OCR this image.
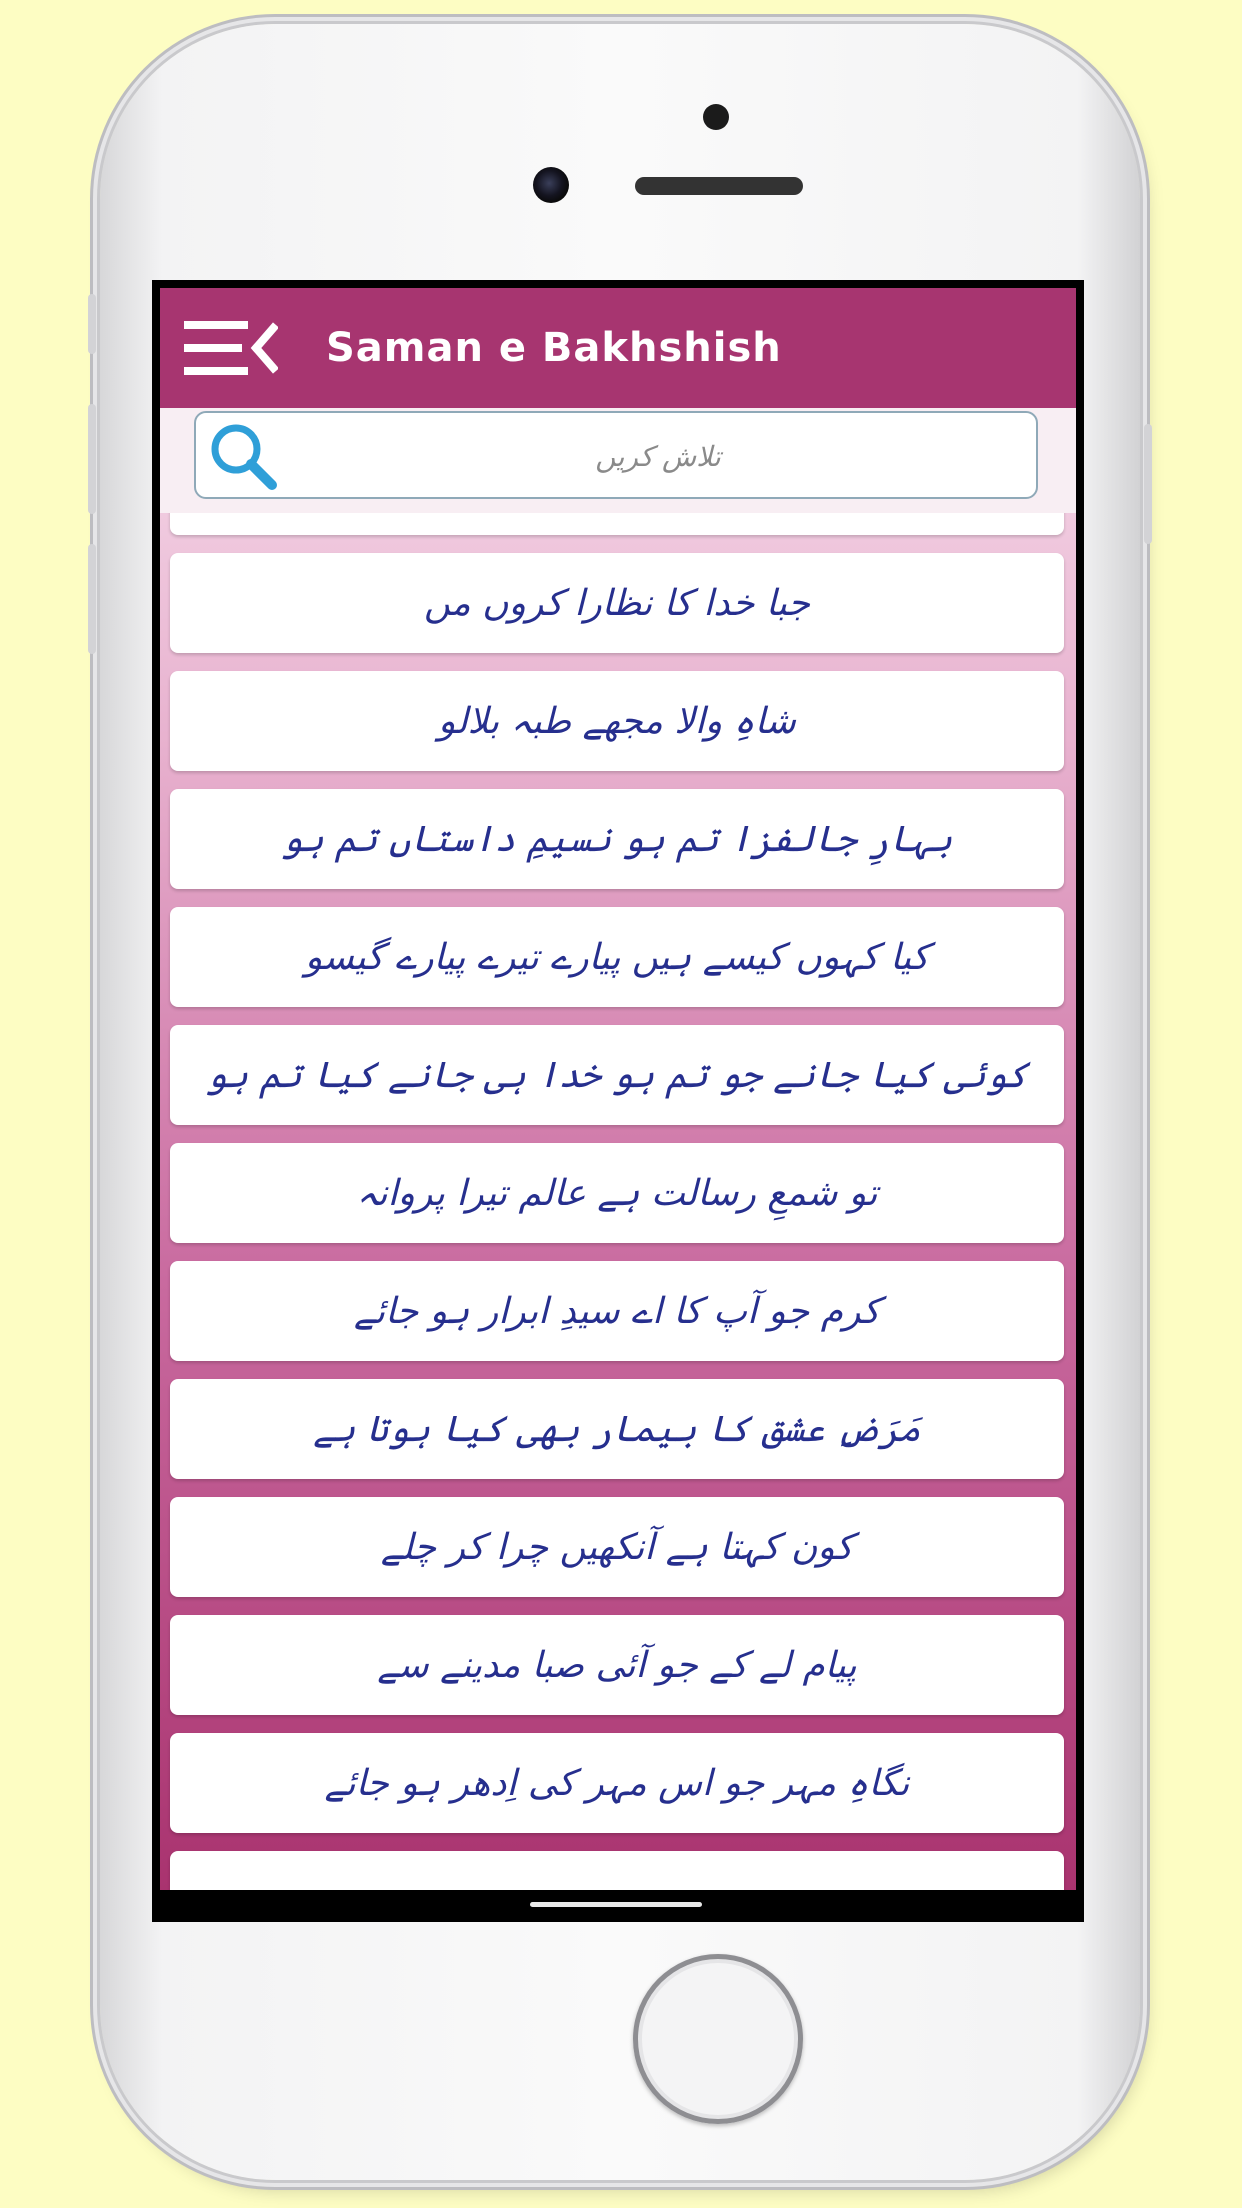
Saman e Bakhshish
تلاش کریں
جبا خدا کا نظارا کروں مں
شاہِ والا مجھے طبہ بلالو
بہارِ جالفزا تم ہو نسیمِ داستاں تم ہو
کیا کہوں کیسے ہیں پیارے تیرے پیارے گیسو
کوئی کیا جانے جو تم ہو خدا ہی جانے کیا تم ہو
تو شمعِ رسالت ہے عالم تیرا پروانہ
کرم جو آپ کا اے سیدِ ابرار ہو جائے
مَرَضِ عشق کا بیمار بھی کیا ہوتا ہے
کون کہتا ہے آنکھیں چرا کر چلے
پیام لے کے جو آئی صبا مدینے سے
نگاہِ مہر جو اس مہر کی اِدھر ہو جائے
